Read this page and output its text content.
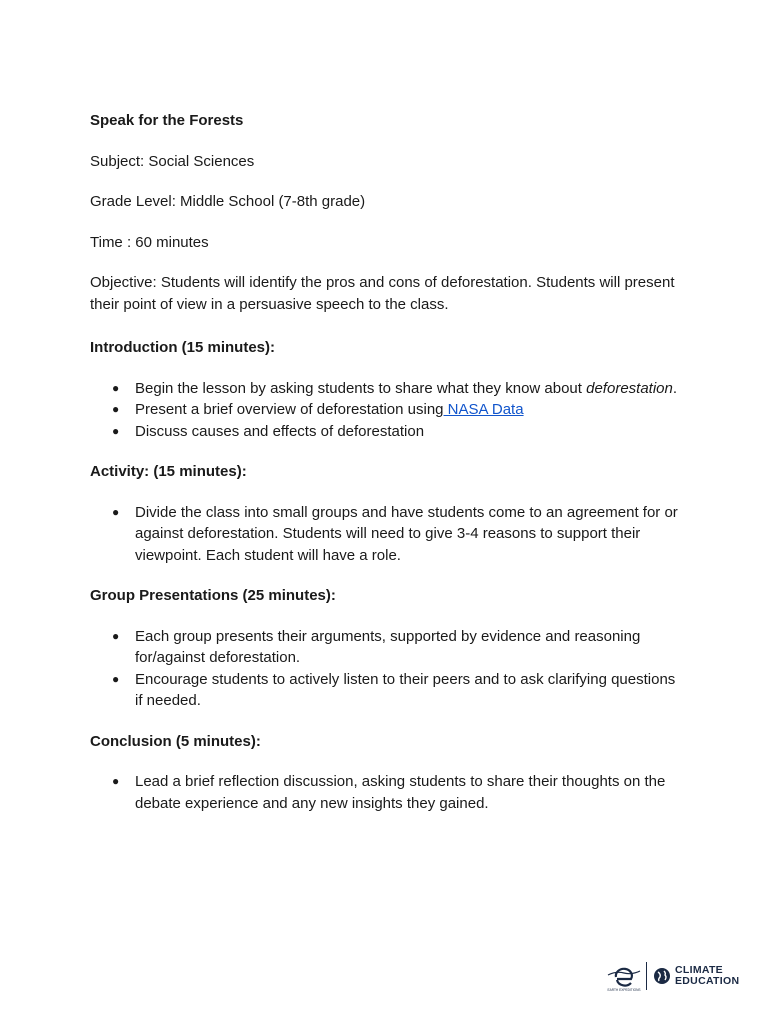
Speak for the Forests
Subject: Social Sciences
Grade Level: Middle School (7-8th grade)
Time : 60 minutes
Objective: Students will identify the pros and cons of deforestation. Students will present their point of view in a persuasive speech to the class.
Introduction (15 minutes):
● Begin the lesson by asking students to share what they know about deforestation.
● Present a brief overview of deforestation using NASA Data
● Discuss causes and effects of deforestation
Activity: (15 minutes):
● Divide the class into small groups and have students come to an agreement for or against deforestation. Students will need to give 3-4 reasons to support their viewpoint. Each student will have a role.
Group Presentations (25 minutes):
● Each group presents their arguments, supported by evidence and reasoning for/against deforestation.
● Encourage students to actively listen to their peers and to ask clarifying questions if needed.
Conclusion (5 minutes):
● Lead a brief reflection discussion, asking students to share their thoughts on the debate experience and any new insights they gained.
EARTH EXPEDITIONS
CLIMATE
EDUCATION
